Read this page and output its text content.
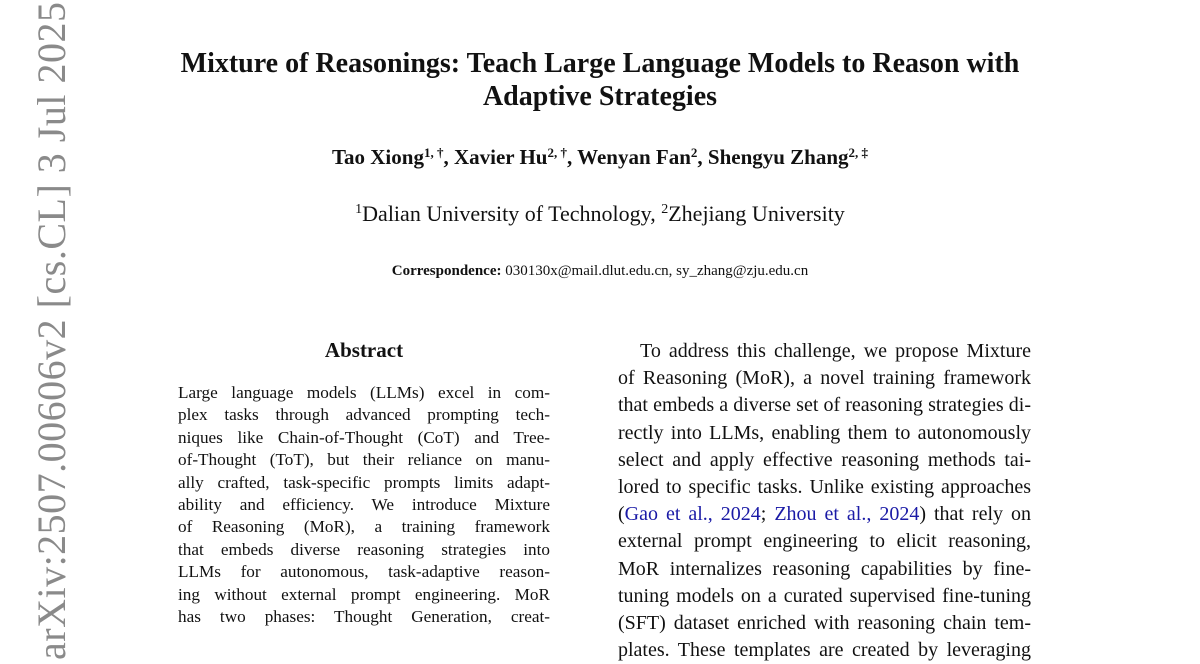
arXiv:2507.00606v2 [cs.CL] 3 Jul 2025	Mixture of Reasonings: Teach Large Language Models to Reason with
Adaptive Strategies
Tao Xiong$^{1, \dagger}$, Xavier $Hu^{2, \dagger}$, Wenyan Fan$^2$, Shengyu Zhang$^{2, \ddagger}$
$^1$Dalian University of Technology, $^2$Zhejiang University
Correspondence: 030130x@mail.dlut.edu.cn, sy_zhang@zju.edu.cn
Abstract
Large language models (LLMs) excel in com-
plex tasks through advanced prompting tech-
niques like Chain-of-Thought (CoT) and Tree-
of-Thought (ToT), but their reliance on manu-
ally crafted, task-specific prompts limits adapt-
ability and efficiency. We introduce Mixture
of Reasoning (MoR), a training framework
that embeds diverse reasoning strategies into
LLMs for autonomous, task-adaptive reason-
ing without external prompt engineering. MoR
has two phases: Thought Generation, creat-
To address this challenge, we propose Mixture
of Reasoning (MoR), a novel training framework
that embeds a diverse set of reasoning strategies di-
rectly into LLMs, enabling them to autonomously
select and apply effective reasoning methods tai-
lored to specific tasks. Unlike existing approaches
(Gao et al., 2024; Zhou et al., 2024) that rely on
external prompt engineering to elicit reasoning,
MoR internalizes reasoning capabilities by fine-
tuning models on a curated supervised fine-tuning
(SFT) dataset enriched with reasoning chain tem-
plates. These templates are created by leveraging
